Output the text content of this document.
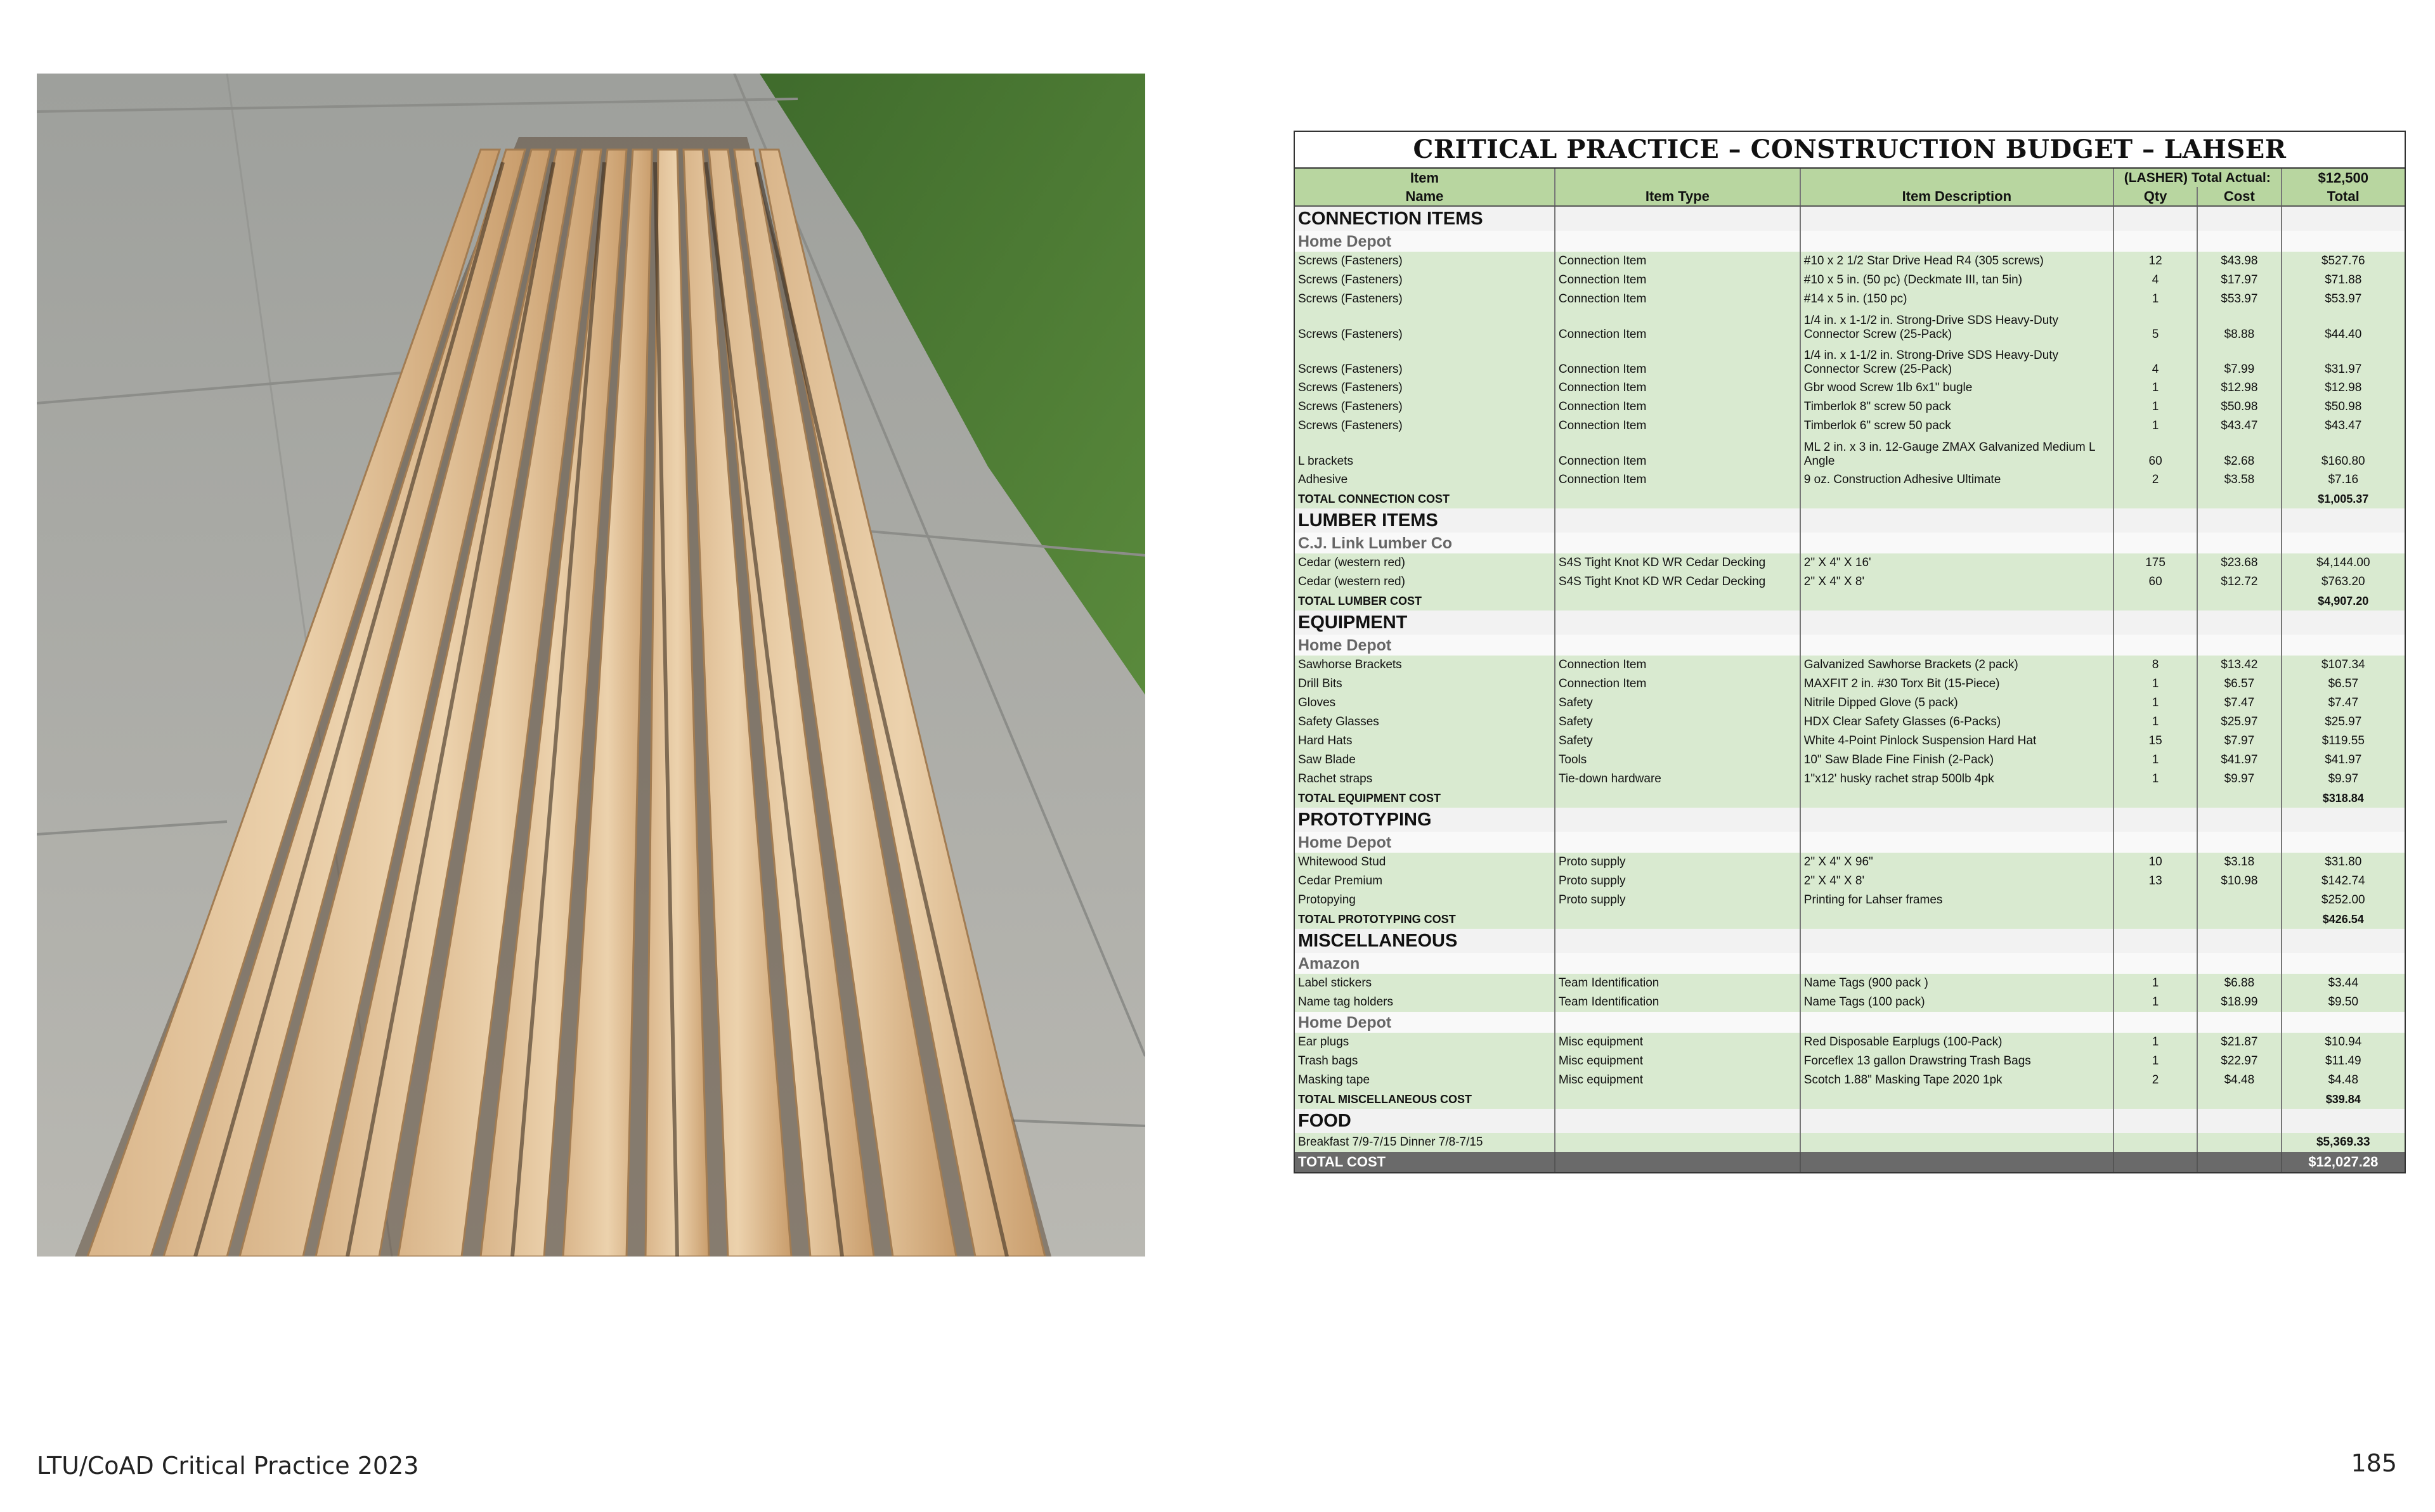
CRITICAL PRACTICE – CONSTRUCTION BUDGET – LAHSER
Item			(LASHER) Total Actual:		$12,500
Name	Item Type	Item Description	Qty	Cost	Total
CONNECTION ITEMS					
Home Depot					
Screws (Fasteners)	Connection Item	#10 x 2 1/2 Star Drive Head R4 (305 screws)	12	$43.98	$527.76
Screws (Fasteners)	Connection Item	#10 x 5 in. (50 pc) (Deckmate III, tan 5in)	4	$17.97	$71.88
Screws (Fasteners)	Connection Item	#14 x 5 in. (150 pc)	1	$53.97	$53.97
Screws (Fasteners)	Connection Item	1/4 in. x 1-1/2 in. Strong-Drive SDS Heavy-Duty Connector Screw (25-Pack)	5	$8.88	$44.40
Screws (Fasteners)	Connection Item	1/4 in. x 1-1/2 in. Strong-Drive SDS Heavy-Duty Connector Screw (25-Pack)	4	$7.99	$31.97
Screws (Fasteners)	Connection Item	Gbr wood Screw 1lb 6x1" bugle	1	$12.98	$12.98
Screws (Fasteners)	Connection Item	Timberlok 8" screw 50 pack	1	$50.98	$50.98
Screws (Fasteners)	Connection Item	Timberlok 6" screw 50 pack	1	$43.47	$43.47
L brackets	Connection Item	ML 2 in. x 3 in. 12-Gauge ZMAX Galvanized Medium L Angle	60	$2.68	$160.80
Adhesive	Connection Item	9 oz. Construction Adhesive Ultimate	2	$3.58	$7.16
TOTAL CONNECTION COST					$1,005.37
LUMBER ITEMS					
C.J. Link Lumber Co					
Cedar (western red)	S4S Tight Knot KD WR Cedar Decking	2" X 4" X 16'	175	$23.68	$4,144.00
Cedar (western red)	S4S Tight Knot KD WR Cedar Decking	2" X 4" X 8'	60	$12.72	$763.20
TOTAL LUMBER COST					$4,907.20
EQUIPMENT					
Home Depot					
Sawhorse Brackets	Connection Item	Galvanized Sawhorse Brackets (2 pack)	8	$13.42	$107.34
Drill Bits	Connection Item	MAXFIT 2 in. #30 Torx Bit (15-Piece)	1	$6.57	$6.57
Gloves	Safety	Nitrile Dipped Glove (5 pack)	1	$7.47	$7.47
Safety Glasses	Safety	HDX Clear Safety Glasses (6-Packs)	1	$25.97	$25.97
Hard Hats	Safety	White 4-Point Pinlock Suspension Hard Hat	15	$7.97	$119.55
Saw Blade	Tools	10" Saw Blade Fine Finish (2-Pack)	1	$41.97	$41.97
Rachet straps	Tie-down hardware	1"x12' husky rachet strap 500lb 4pk	1	$9.97	$9.97
TOTAL EQUIPMENT COST					$318.84
PROTOTYPING					
Home Depot					
Whitewood Stud	Proto supply	2" X 4" X 96"	10	$3.18	$31.80
Cedar Premium	Proto supply	2" X 4" X 8'	13	$10.98	$142.74
Protopying	Proto supply	Printing for Lahser frames			$252.00
TOTAL PROTOTYPING COST					$426.54
MISCELLANEOUS					
Amazon					
Label stickers	Team Identification	Name Tags (900 pack )	1	$6.88	$3.44
Name tag holders	Team Identification	Name Tags (100 pack)	1	$18.99	$9.50
Home Depot					
Ear plugs	Misc equipment	Red Disposable Earplugs (100-Pack)	1	$21.87	$10.94
Trash bags	Misc equipment	Forceflex 13 gallon Drawstring Trash Bags	1	$22.97	$11.49
Masking tape	Misc equipment	Scotch 1.88" Masking Tape 2020 1pk	2	$4.48	$4.48
TOTAL MISCELLANEOUS COST					$39.84
FOOD					
Breakfast 7/9-7/15 Dinner 7/8-7/15					$5,369.33
TOTAL COST					$12,027.28
LTU/CoAD Critical Practice 2023	185
